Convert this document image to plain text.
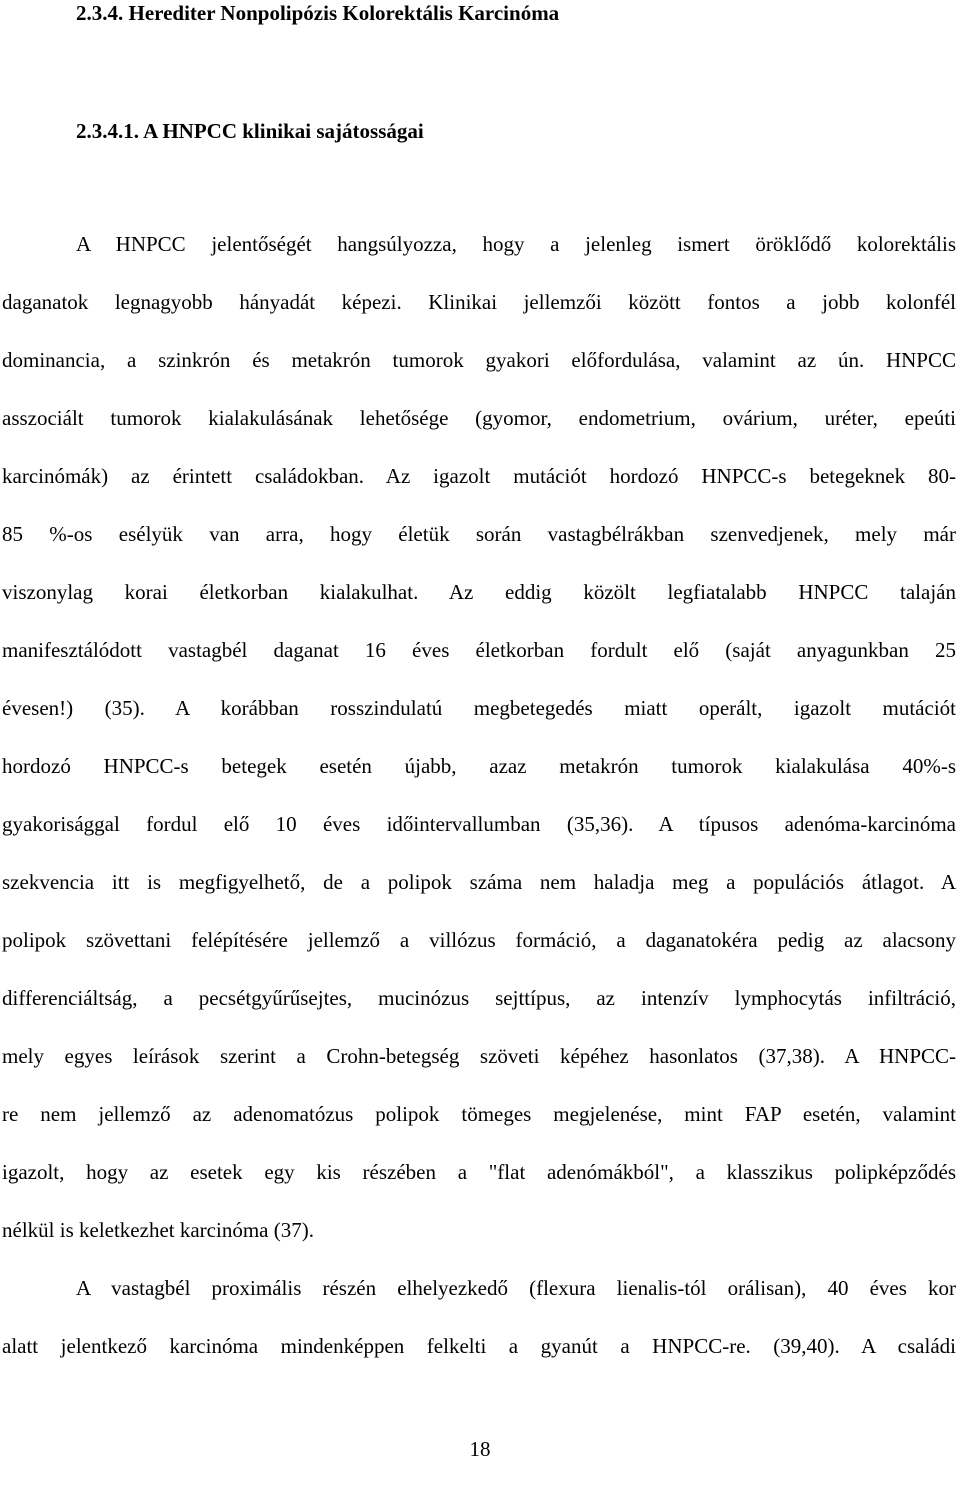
2.3.4. Herediter Nonpolipózis Kolorektális Karcinóma
2.3.4.1. A HNPCC klinikai sajátosságai
A HNPCC jelentőségét hangsúlyozza, hogy a jelenleg ismert öröklődő kolorektális
daganatok legnagyobb hányadát képezi. Klinikai jellemzői között fontos a jobb kolonfél
dominancia, a szinkrón és metakrón tumorok gyakori előfordulása, valamint az ún. HNPCC
asszociált tumorok kialakulásának lehetősége (gyomor, endometrium, ovárium, uréter, epeúti
karcinómák) az érintett családokban. Az igazolt mutációt hordozó HNPCC-s betegeknek 80-
85 %-os esélyük van arra, hogy életük során vastagbélrákban szenvedjenek, mely már
viszonylag korai életkorban kialakulhat. Az eddig közölt legfiatalabb HNPCC talaján
manifesztálódott vastagbél daganat 16 éves életkorban fordult elő (saját anyagunkban 25
évesen!) (35). A korábban rosszindulatú megbetegedés miatt operált, igazolt mutációt
hordozó HNPCC-s betegek esetén újabb, azaz metakrón tumorok kialakulása 40%-s
gyakorisággal fordul elő 10 éves időintervallumban (35,36). A típusos adenóma-karcinóma
szekvencia itt is megfigyelhető, de a polipok száma nem haladja meg a populációs átlagot. A
polipok szövettani felépítésére jellemző a villózus formáció, a daganatokéra pedig az alacsony
differenciáltság, a pecsétgyűrűsejtes, mucinózus sejttípus, az intenzív lymphocytás infiltráció,
mely egyes leírások szerint a Crohn-betegség szöveti képéhez hasonlatos (37,38). A HNPCC-
re nem jellemző az adenomatózus polipok tömeges megjelenése, mint FAP esetén, valamint
igazolt, hogy az esetek egy kis részében a "flat adenómákból", a klasszikus polipképződés
nélkül is keletkezhet karcinóma (37).
A vastagbél proximális részén elhelyezkedő (flexura lienalis-tól orálisan), 40 éves kor
alatt jelentkező karcinóma mindenképpen felkelti a gyanút a HNPCC-re. (39,40). A családi
18
